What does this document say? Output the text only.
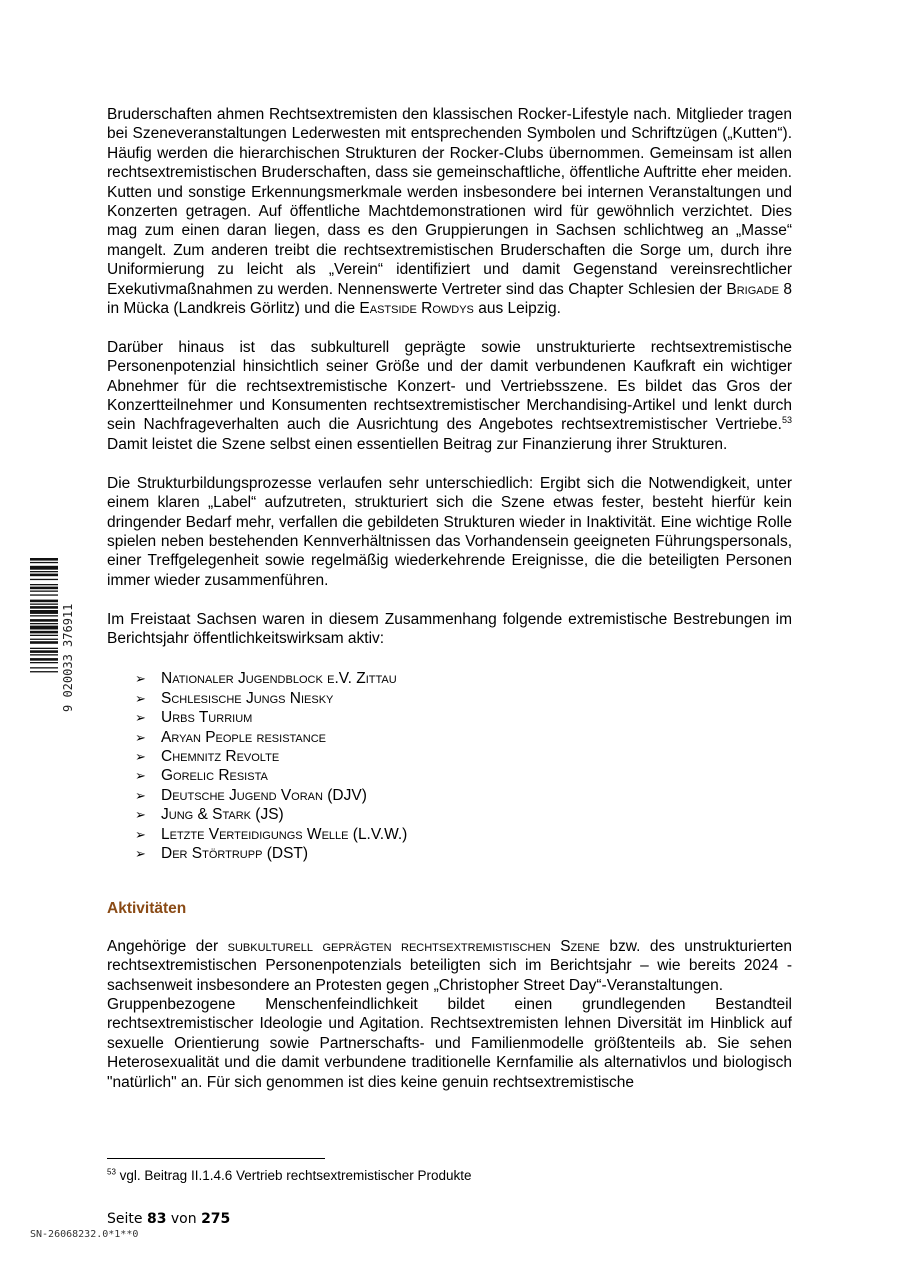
9 020033 376911

Bruderschaften ahmen Rechtsextremisten den klassischen Rocker-Lifestyle nach. Mitglieder tragen bei Szeneveranstaltungen Lederwesten mit entsprechenden Symbolen und Schriftzügen („Kutten“). Häufig werden die hierarchischen Strukturen der Rocker-Clubs übernommen. Gemeinsam ist allen rechtsextremistischen Bruderschaften, dass sie gemeinschaftliche, öffentliche Auftritte eher meiden. Kutten und sonstige Erkennungsmerkmale werden insbesondere bei internen Veranstaltungen und Konzerten getragen. Auf öffentliche Machtdemonstrationen wird für gewöhnlich verzichtet. Dies mag zum einen daran liegen, dass es den Gruppierungen in Sachsen schlichtweg an „Masse“ mangelt. Zum anderen treibt die rechtsextremistischen Bruderschaften die Sorge um, durch ihre Uniformierung zu leicht als „Verein“ identifiziert und damit Gegenstand vereinsrechtlicher Exekutivmaßnahmen zu werden. Nennenswerte Vertreter sind das Chapter Schlesien der Brigade 8 in Mücka (Landkreis Görlitz) und die Eastside Rowdys aus Leipzig.

Darüber hinaus ist das subkulturell geprägte sowie unstrukturierte rechtsextremistische Personenpotenzial hinsichtlich seiner Größe und der damit verbundenen Kaufkraft ein wichtiger Abnehmer für die rechtsextremistische Konzert- und Vertriebsszene. Es bildet das Gros der Konzertteilnehmer und Konsumenten rechtsextremistischer Merchandising-Artikel und lenkt durch sein Nachfrageverhalten auch die Ausrichtung des Angebotes rechtsextremistischer Vertriebe.$^{53}$ Damit leistet die Szene selbst einen essentiellen Beitrag zur Finanzierung ihrer Strukturen.

Die Strukturbildungsprozesse verlaufen sehr unterschiedlich: Ergibt sich die Notwendigkeit, unter einem klaren „Label“ aufzutreten, strukturiert sich die Szene etwas fester, besteht hierfür kein dringender Bedarf mehr, verfallen die gebildeten Strukturen wieder in Inaktivität. Eine wichtige Rolle spielen neben bestehenden Kennverhältnissen das Vorhandensein geeigneten Führungspersonals, einer Treffgelegenheit sowie regelmäßig wiederkehrende Ereignisse, die die beteiligten Personen immer wieder zusammenführen.

Im Freistaat Sachsen waren in diesem Zusammenhang folgende extremistische Bestrebungen im Berichtsjahr öffentlichkeitswirksam aktiv:

➢ Nationaler Jugendblock e.V. Zittau
➢ Schlesische Jungs Niesky
➢ Urbs Turrium
➢ Aryan People resistance
➢ Chemnitz Revolte
➢ Gorelic Resista
➢ Deutsche Jugend Voran (DJV)
➢ Jung & Stark (JS)
➢ Letzte Verteidigungs Welle (L.V.W.)
➢ Der Störtrupp (DST)
Aktivitäten

Angehörige der subkulturell geprägten rechtsextremistischen Szene bzw. des unstrukturierten rechtsextremistischen Personenpotenzials beteiligten sich im Berichtsjahr – wie bereits 2024 - sachsenweit insbesondere an Protesten gegen „Christopher Street Day“-Veranstaltungen.

Gruppenbezogene Menschenfeindlichkeit bildet einen grundlegenden Bestandteil rechtsextremistischer Ideologie und Agitation. Rechtsextremisten lehnen Diversität im Hinblick auf sexuelle Orientierung sowie Partnerschafts- und Familienmodelle größtenteils ab. Sie sehen Heterosexualität und die damit verbundene traditionelle Kernfamilie als alternativlos und biologisch "natürlich" an. Für sich genommen ist dies keine genuin rechtsextremistische

$^{53}$ vgl. Beitrag II.1.4.6 Vertrieb rechtsextremistischer Produkte
Seite 83 von 275
SN-26068232.0*1**0
